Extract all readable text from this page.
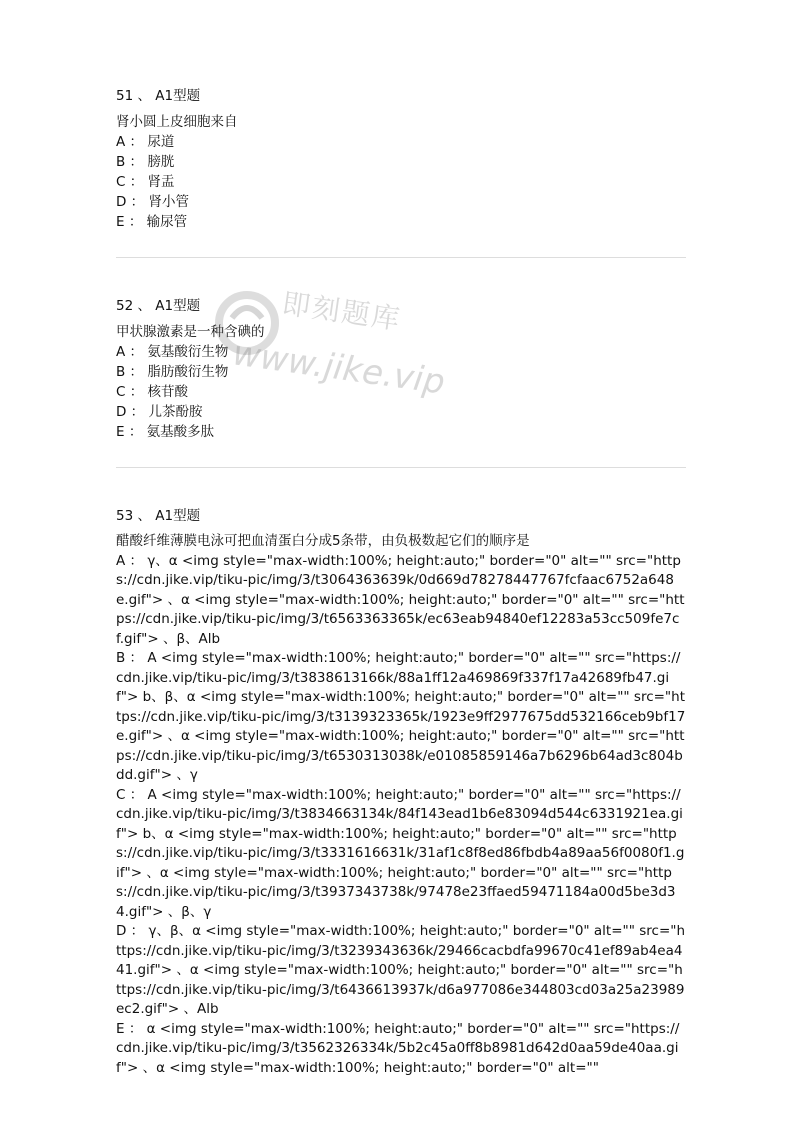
51 、 A1型题

肾小圆上皮细胞来自

A ： 尿道

B ： 膀胱

C ： 肾盂

D ： 肾小管

E ： 输尿管

52 、 A1型题

甲状腺激素是一种含碘的

A ： 氨基酸衍生物

B ： 脂肪酸衍生物

C ： 核苷酸

D ： 儿茶酚胺

E ： 氨基酸多肽

53 、 A1型题

醋酸纤维薄膜电泳可把血清蛋白分成5条带，由负极数起它们的顺序是

A ： γ、α <img style="max-width:100%; height:auto;" border="0" alt="" src="https://cdn.jike.vip/tiku-pic/img/3/t3064363639k/0d669d78278447767fcfaac6752a648e.gif"> 、α <img style="max-width:100%; height:auto;" border="0" alt="" src="https://cdn.jike.vip/tiku-pic/img/3/t6563363365k/ec63eab94840ef12283a53cc509fe7cf.gif"> 、β、Alb

B ： A <img style="max-width:100%; height:auto;" border="0" alt="" src="https://cdn.jike.vip/tiku-pic/img/3/t3838613166k/88a1ff12a469869f337f17a42689fb47.gif"> b、β、α <img style="max-width:100%; height:auto;" border="0" alt="" src="https://cdn.jike.vip/tiku-pic/img/3/t3139323365k/1923e9ff2977675dd532166ceb9bf17e.gif"> 、α <img style="max-width:100%; height:auto;" border="0" alt="" src="https://cdn.jike.vip/tiku-pic/img/3/t6530313038k/e01085859146a7b6296b64ad3c804bdd.gif"> 、γ

C ： A <img style="max-width:100%; height:auto;" border="0" alt="" src="https://cdn.jike.vip/tiku-pic/img/3/t3834663134k/84f143ead1b6e83094d544c6331921ea.gif"> b、α <img style="max-width:100%; height:auto;" border="0" alt="" src="https://cdn.jike.vip/tiku-pic/img/3/t3331616631k/31af1c8f8ed86fbdb4a89aa56f0080f1.gif"> 、α <img style="max-width:100%; height:auto;" border="0" alt="" src="https://cdn.jike.vip/tiku-pic/img/3/t3937343738k/97478e23ffaed59471184a00d5be3d34.gif"> 、β、γ

D ： γ、β、α <img style="max-width:100%; height:auto;" border="0" alt="" src="https://cdn.jike.vip/tiku-pic/img/3/t3239343636k/29466cacbdfa99670c41ef89ab4ea441.gif"> 、α <img style="max-width:100%; height:auto;" border="0" alt="" src="https://cdn.jike.vip/tiku-pic/img/3/t6436613937k/d6a977086e344803cd03a25a23989ec2.gif"> 、Alb

E ： α <img style="max-width:100%; height:auto;" border="0" alt="" src="https://cdn.jike.vip/tiku-pic/img/3/t3562326334k/5b2c45a0ff8b8981d642d0aa59de40aa.gif"> 、α <img style="max-width:100%; height:auto;" border="0" alt=""

即刻题库
www.jike.vip
